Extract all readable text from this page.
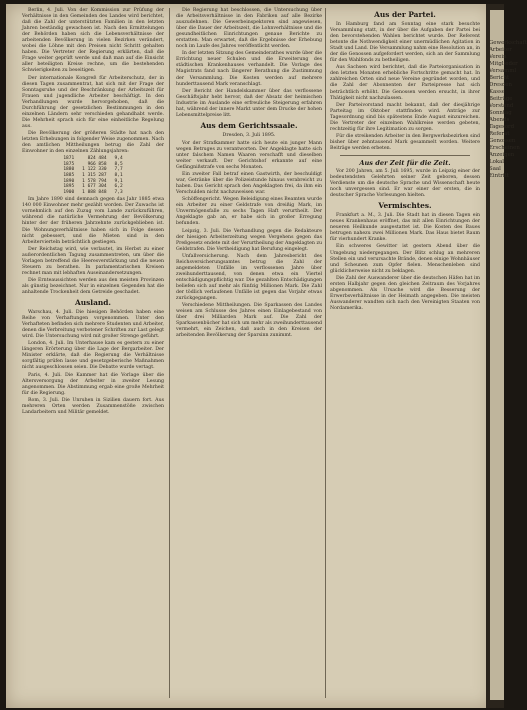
Berlin, 4. Juli. Von der Kommission zur Prüfung der Verhältnisse in den Gemeinden des Landes wird berichtet, daß die Zahl der unterstützten Familien in den letzten Jahren beständig gewachsen ist. Nach den Ermittelungen der Behörden haben sich die Lebensverhältnisse der arbeitenden Bevölkerung in vielen Bezirken verändert, wobei die Löhne mit den Preisen nicht Schritt gehalten haben. Die Vertreter der Regierung erklärten, daß die Frage weiter geprüft werde und daß man auf die Einsicht aller beteiligten Kreise rechne, um die bestehenden Schwierigkeiten zu beseitigen.

Der internationale Kongreß für Arbeiterschutz, der in diesen Tagen zusammentrat, hat sich mit der Frage der Sonntagsruhe und der Beschränkung der Arbeitszeit für Frauen und jugendliche Arbeiter beschäftigt. In den Verhandlungen wurde hervorgehoben, daß die Durchführung der gesetzlichen Bestimmungen in den einzelnen Ländern sehr verschieden gehandhabt werde. Die Mehrheit sprach sich für eine einheitliche Regelung aus.

Die Bevölkerung der größeren Städte hat nach den letzten Erhebungen in folgender Weise zugenommen. Nach den amtlichen Mittheilungen betrug die Zahl der Einwohner in den einzelnen Zählungsjahren:

1871	824 484	9,4
1875	966 858	8,5
1880	1 122 330	7,7
1885	1 315 287	8,1
1890	1 578 794	9,1
1895	1 677 304	6,2
1900	1 888 848	7,3

Im Jahre 1890 sind demnach gegen das Jahr 1885 etwa 140 000 Einwohner mehr gezählt worden. Der Zuwachs ist vornehmlich auf den Zuzug vom Lande zurückzuführen, während die natürliche Vermehrung der Bevölkerung hinter der der früheren Jahrzehnte zurückgeblieben ist. Die Wohnungsverhältnisse haben sich in Folge dessen nicht gebessert, und die Mieten sind in den Arbeitervierteln beträchtlich gestiegen.

Der Reichstag wird, wie verlautet, im Herbst zu einer außerordentlichen Tagung zusammentreten, um über die Vorlagen betreffend die Heeresverstärkung und die neuen Steuern zu berathen. In parlamentarischen Kreisen rechnet man mit lebhaften Auseinandersetzungen.

Die Ernteaussichten werden aus den meisten Provinzen als günstig bezeichnet. Nur in einzelnen Gegenden hat die anhaltende Trockenheit dem Getreide geschadet.

Ausland.

Warschau, 4. Juli. Die hiesigen Behörden haben eine Reihe von Verhaftungen vorgenommen. Unter den Verhafteten befinden sich mehrere Studenten und Arbeiter, denen die Verbreitung verbotener Schriften zur Last gelegt wird. Die Untersuchung wird mit großer Strenge geführt.

London, 4. Juli. Im Unterhause kam es gestern zu einer längeren Erörterung über die Lage der Bergarbeiter. Der Minister erklärte, daß die Regierung die Verhältnisse sorgfältig prüfen lasse und gesetzgeberische Maßnahmen nicht ausgeschlossen seien. Die Debatte wurde vertagt.

Paris, 4. Juli. Die Kammer hat die Vorlage über die Altersversorgung der Arbeiter in zweiter Lesung angenommen. Die Abstimmung ergab eine große Mehrheit für die Regierung.

Rom, 3. Juli. Die Unruhen in Sizilien dauern fort. Aus mehreren Orten werden Zusammenstöße zwischen Landarbeitern und Militär gemeldet.

Die Regierung hat beschlossen, die Untersuchung über die Arbeitsverhältnisse in den Fabriken auf alle Bezirke auszudehnen. Die Gewerbeinspektoren sind angewiesen, über die Dauer der Arbeitszeit, die Lohnverhältnisse und die gesundheitlichen Einrichtungen genaue Berichte zu erstatten. Man erwartet, daß die Ergebnisse der Erhebung noch im Laufe des Jahres veröffentlicht werden.

In der letzten Sitzung des Gemeinderathes wurde über die Errichtung neuer Schulen und die Erweiterung des städtischen Krankenhauses verhandelt. Die Vorlage des Magistrats fand nach längerer Berathung die Zustimmung der Versammlung. Die Kosten werden auf mehrere hunderttausend Mark veranschlagt.

Der Bericht der Handelskammer über das verflossene Geschäftsjahr hebt hervor, daß der Absatz der heimischen Industrie im Auslande eine erfreuliche Steigerung erfahren hat, während der innere Markt unter dem Drucke der hohen Lebensmittelpreise litt.

Aus dem Gerichtssaale.
Dresden, 3. Juli 1895.

Vor der Strafkammer hatte sich heute ein junger Mann wegen Betruges zu verantworten. Der Angeklagte hatte sich unter falschem Namen Waaren verschafft und dieselben weiter verkauft. Der Gerichtshof erkannte auf eine Gefängnißstrafe von sechs Monaten.

Ein zweiter Fall betraf einen Gastwirth, der beschuldigt war, Getränke über die Polizeistunde hinaus verabreicht zu haben. Das Gericht sprach den Angeklagten frei, da ihm ein Verschulden nicht nachzuweisen war.

Schöffengericht. Wegen Beleidigung eines Beamten wurde ein Arbeiter zu einer Geldstrafe von dreißig Mark, im Unvermögensfalle zu sechs Tagen Haft verurtheilt. Der Angeklagte gab an, er habe sich in großer Erregung befunden.

Leipzig, 3. Juli. Die Verhandlung gegen die Redakteure der hiesigen Arbeiterzeitung wegen Vergehens gegen das Preßgesetz endete mit der Verurtheilung der Angeklagten zu Geldstrafen. Die Vertheidigung hat Berufung eingelegt.

Unfallversicherung. Nach dem Jahresbericht des Reichsversicherungsamtes betrug die Zahl der angemeldeten Unfälle im verflossenen Jahre über zweihunderttausend, von denen etwa ein Viertel entschädigungspflichtig war. Die gezahlten Entschädigungen beliefen sich auf mehr als fünfzig Millionen Mark. Die Zahl der tödlich verlaufenen Unfälle ist gegen das Vorjahr etwas zurückgegangen.

Verschiedene Mittheilungen. Die Sparkassen des Landes weisen am Schlusse des Jahres einen Einlagebestand von über drei Milliarden Mark auf. Die Zahl der Sparkassenbücher hat sich um mehr als zweihunderttausend vermehrt, ein Zeichen, daß auch in den Kreisen der arbeitenden Bevölkerung der Sparsinn zunimmt.

Aus der Partei.

In Hamburg fand am Sonntag eine stark besuchte Versammlung statt, in der über die Aufgaben der Partei bei den bevorstehenden Wahlen berichtet wurde. Der Referent betonte die Nothwendigkeit einer unermüdlichen Agitation in Stadt und Land. Die Versammlung nahm eine Resolution an, in der die Genossen aufgefordert werden, sich an der Sammlung für den Wahlfonds zu betheiligen.

Aus Sachsen wird berichtet, daß die Parteiorganisation in den letzten Monaten erhebliche Fortschritte gemacht hat. In zahlreichen Orten sind neue Vereine gegründet worden, und die Zahl der Abonnenten der Parteipresse hat sich beträchtlich erhöht. Die Genossen werden ersucht, in ihrer Thätigkeit nicht nachzulassen.

Der Parteivorstand macht bekannt, daß der diesjährige Parteitag im Oktober stattfinden wird. Anträge zur Tagesordnung sind bis spätestens Ende August einzureichen. Die Vertreter der einzelnen Wahlkreise werden gebeten, rechtzeitig für ihre Legitimation zu sorgen.

Für die streikenden Arbeiter in den Bergwerksbezirken sind bisher über zehntausend Mark gesammelt worden. Weitere Beiträge werden erbeten.

Aus der Zeit für die Zeit.

Vor 200 Jahren, am 5. Juli 1695, wurde in Leipzig einer der bedeutendsten Gelehrten seiner Zeit geboren, dessen Verdienste um die deutsche Sprache und Wissenschaft heute noch unvergessen sind. Er war einer der ersten, die in deutscher Sprache Vorlesungen hielten.

Vermischtes.

Frankfurt a. M., 3. Juli. Die Stadt hat in diesen Tagen ein neues Krankenhaus eröffnet, das mit allen Einrichtungen der neueren Heilkunde ausgestattet ist. Die Kosten des Baues betrugen nahezu zwei Millionen Mark. Das Haus bietet Raum für vierhundert Kranke.

Ein schweres Gewitter ist gestern Abend über die Umgebung niedergegangen. Der Blitz schlug an mehreren Stellen ein und verursachte Brände, denen einige Wohnhäuser und Scheunen zum Opfer fielen. Menschenleben sind glücklicherweise nicht zu beklagen.

Die Zahl der Auswanderer über die deutschen Häfen hat im ersten Halbjahr gegen den gleichen Zeitraum des Vorjahres abgenommen. Als Ursache wird die Besserung der Erwerbsverhältnisse in der Heimath angegeben. Die meisten Auswanderer wandten sich nach den Vereinigten Staaten von Nordamerika.

Gewerkschaft
Arbeiter
Verein
Mitglieder
Versamml
Bericht
Dresden
Kasse
Beiträge
Vorstand
Sonntag
Abends
Tagesord
Referat
Genossen
Erscheinen
Anzeigen
Lokal
Saal
Eintritt
